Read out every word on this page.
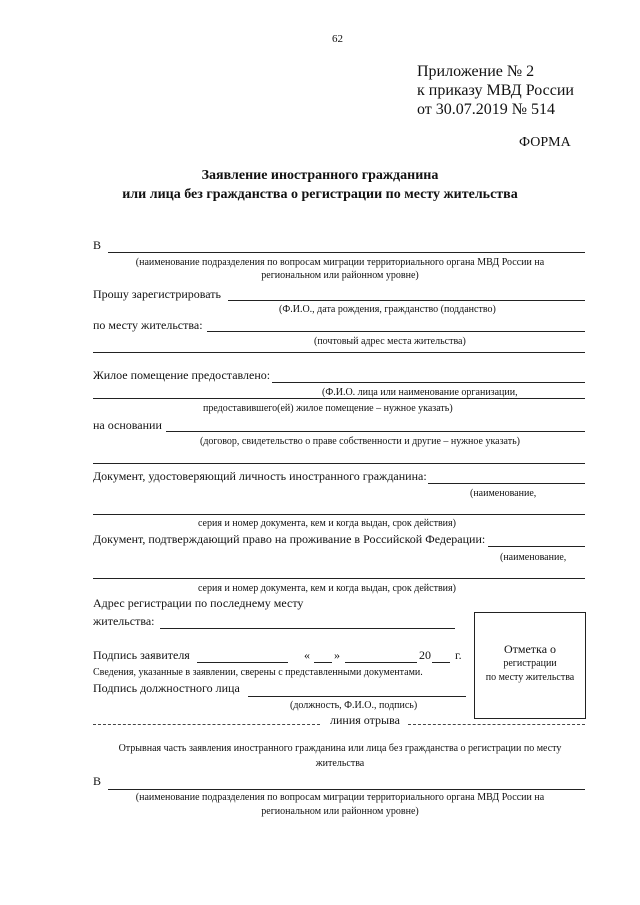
62
Приложение № 2
к приказу МВД России
от 30.07.2019 № 514
ФОРМА
Заявление иностранного гражданина
или лица без гражданства о регистрации по месту жительства
В
(наименование подразделения по вопросам миграции территориального органа МВД России на
региональном или районном уровне)
Прошу зарегистрировать
(Ф.И.О., дата рождения, гражданство (подданство)
по месту жительства:
(почтовый адрес места жительства)
Жилое помещение предоставлено:
(Ф.И.О. лица или наименование организации,
предоставившего(ей) жилое помещение – нужное указать)
на основании
(договор, свидетельство о праве собственности и другие – нужное указать)
Документ, удостоверяющий личность иностранного гражданина:
(наименование,
серия и номер документа, кем и когда выдан, срок действия)
Документ, подтверждающий право на проживание в Российской Федерации:
(наименование,
серия и номер документа, кем и когда выдан, срок действия)
Адрес регистрации по последнему месту
жительства:
Отметка о
регистрации
по месту жительства
Подпись заявителя	« »	20 г.
Сведения, указанные в заявлении, сверены с представленными документами.
Подпись должностного лица
(должность, Ф.И.О., подпись)
линия отрыва
Отрывная часть заявления иностранного гражданина или лица без гражданства о регистрации по месту
жительства
В
(наименование подразделения по вопросам миграции территориального органа МВД России на
региональном или районном уровне)
